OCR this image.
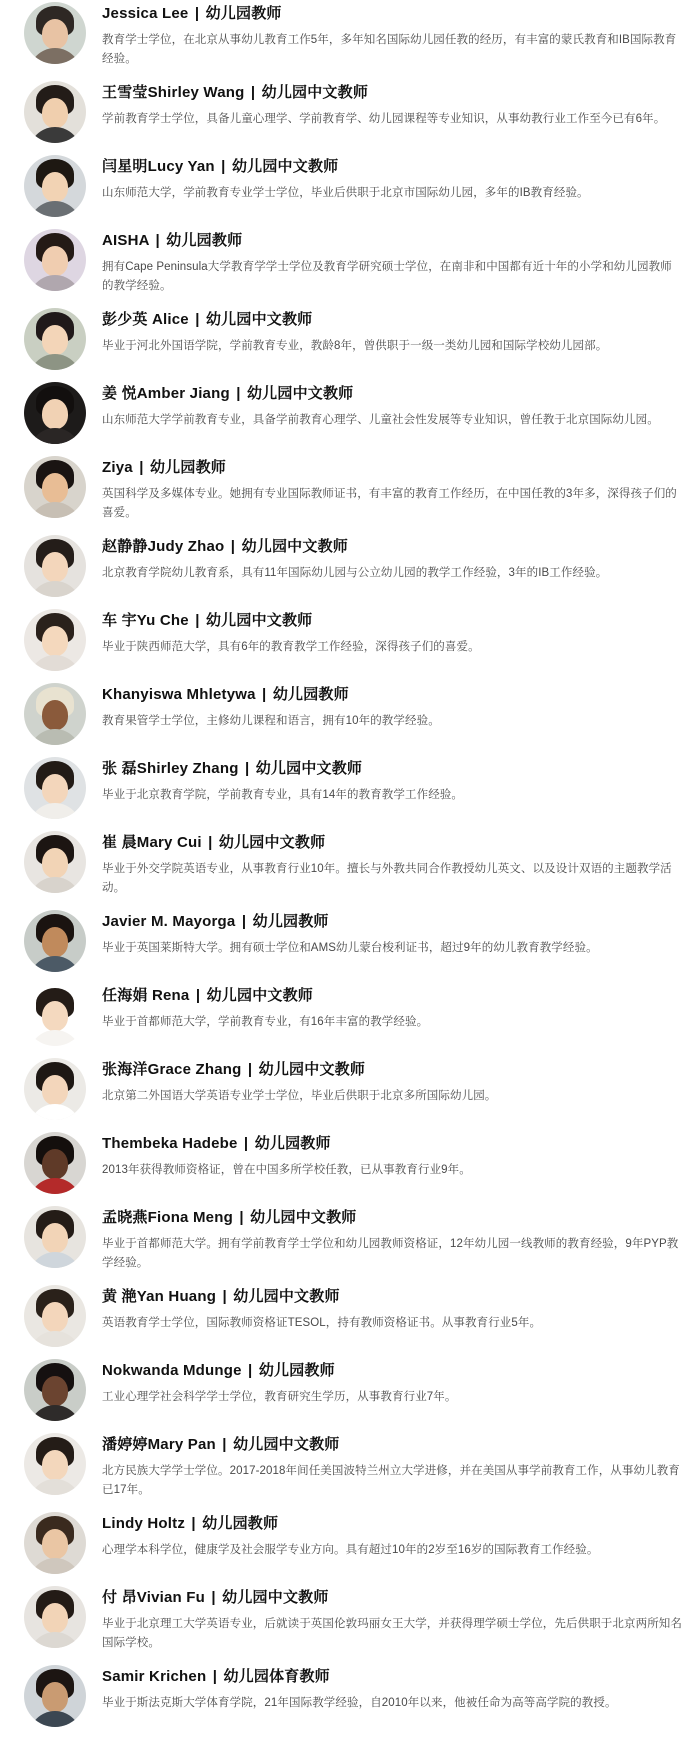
Jessica Lee | 幼儿园教师
教育学士学位，在北京从事幼儿教育工作5年，多年知名国际幼儿园任教的经历，有丰富的蒙氏教育和IB国际教育经验。
王雪莹Shirley Wang | 幼儿园中文教师
学前教育学士学位，具备儿童心理学、学前教育学、幼儿园课程等专业知识，从事幼教行业工作至今已有6年。
闫星明Lucy Yan | 幼儿园中文教师
山东师范大学，学前教育专业学士学位，毕业后供职于北京市国际幼儿园，多年的IB教育经验。
AISHA | 幼儿园教师
拥有Cape Peninsula大学教育学学士学位及教育学研究硕士学位，在南非和中国都有近十年的小学和幼儿园教师的教学经验。
彭少英 Alice | 幼儿园中文教师
毕业于河北外国语学院，学前教育专业，教龄8年，曾供职于一级一类幼儿园和国际学校幼儿园部。
姜 悦Amber Jiang | 幼儿园中文教师
山东师范大学学前教育专业，具备学前教育心理学、儿童社会性发展等专业知识，曾任教于北京国际幼儿园。
Ziya | 幼儿园教师
英国科学及多媒体专业。她拥有专业国际教师证书，有丰富的教育工作经历，在中国任教的3年多，深得孩子们的喜爱。
赵静静Judy Zhao | 幼儿园中文教师
北京教育学院幼儿教育系，具有11年国际幼儿园与公立幼儿园的教学工作经验，3年的IB工作经验。
车 宇Yu Che | 幼儿园中文教师
毕业于陕西师范大学，具有6年的教育教学工作经验，深得孩子们的喜爱。
Khanyiswa Mhletywa | 幼儿园教师
教育果管学士学位，主修幼儿课程和语言，拥有10年的教学经验。
张 磊Shirley Zhang | 幼儿园中文教师
毕业于北京教育学院，学前教育专业，具有14年的教育教学工作经验。
崔 晨Mary Cui | 幼儿园中文教师
毕业于外交学院英语专业，从事教育行业10年。擅长与外教共同合作教授幼儿英文、以及设计双语的主题教学活动。
Javier M. Mayorga | 幼儿园教师
毕业于英国莱斯特大学。拥有硕士学位和AMS幼儿蒙台梭利证书，超过9年的幼儿教育教学经验。
任海娟 Rena | 幼儿园中文教师
毕业于首都师范大学，学前教育专业，有16年丰富的教学经验。
张海洋Grace Zhang | 幼儿园中文教师
北京第二外国语大学英语专业学士学位，毕业后供职于北京多所国际幼儿园。
Thembeka Hadebe | 幼儿园教师
2013年获得教师资格证，曾在中国多所学校任教，已从事教育行业9年。
孟晓燕Fiona Meng | 幼儿园中文教师
毕业于首都师范大学。拥有学前教育学士学位和幼儿园教师资格证，12年幼儿园一线教师的教育经验，9年PYP教学经验。
黄 滟Yan Huang | 幼儿园中文教师
英语教育学士学位，国际教师资格证TESOL，持有教师资格证书。从事教育行业5年。
Nokwanda Mdunge | 幼儿园教师
工业心理学社会科学学士学位，教育研究生学历，从事教育行业7年。
潘婷婷Mary Pan | 幼儿园中文教师
北方民族大学学士学位。2017-2018年间任美国波特兰州立大学进修，并在美国从事学前教育工作，从事幼儿教育已17年。
Lindy Holtz | 幼儿园教师
心理学本科学位，健康学及社会服学专业方向。具有超过10年的2岁至16岁的国际教育工作经验。
付 昂Vivian Fu | 幼儿园中文教师
毕业于北京理工大学英语专业，后就读于英国伦敦玛丽女王大学，并获得理学硕士学位，先后供职于北京两所知名国际学校。
Samir Krichen | 幼儿园体育教师
毕业于斯法克斯大学体育学院，21年国际教学经验，自2010年以来，他被任命为高等高学院的教授。
